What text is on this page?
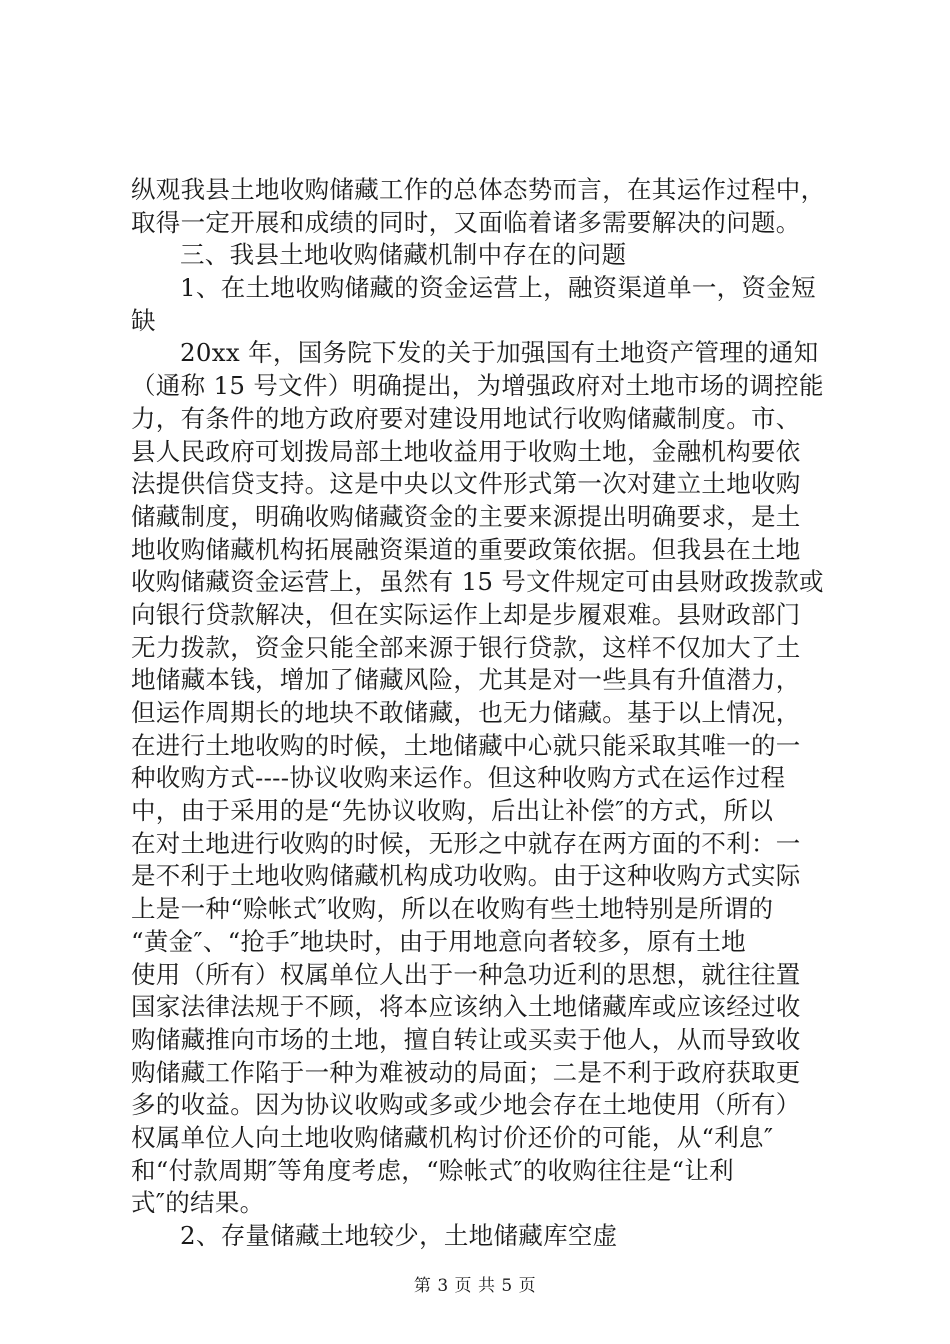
纵观我县土地收购储藏工作的总体态势而言，在其运作过程中，
取得一定开展和成绩的同时，又面临着诸多需要解决的问题。
三、我县土地收购储藏机制中存在的问题
1、在土地收购储藏的资金运营上，融资渠道单一，资金短
缺
20xx 年，国务院下发的关于加强国有土地资产管理的通知
（通称 15 号文件）明确提出，为增强政府对土地市场的调控能
力，有条件的地方政府要对建设用地试行收购储藏制度。市、
县人民政府可划拨局部土地收益用于收购土地，金融机构要依
法提供信贷支持。这是中央以文件形式第一次对建立土地收购
储藏制度，明确收购储藏资金的主要来源提出明确要求，是土
地收购储藏机构拓展融资渠道的重要政策依据。但我县在土地
收购储藏资金运营上，虽然有 15 号文件规定可由县财政拨款或
向银行贷款解决，但在实际运作上却是步履艰难。县财政部门
无力拨款，资金只能全部来源于银行贷款，这样不仅加大了土
地储藏本钱，增加了储藏风险，尤其是对一些具有升值潜力，
但运作周期长的地块不敢储藏，也无力储藏。基于以上情况，
在进行土地收购的时候，土地储藏中心就只能采取其唯一的一
种收购方式----协议收购来运作。但这种收购方式在运作过程
中，由于采用的是“先协议收购，后出让补偿″的方式，所以
在对土地进行收购的时候，无形之中就存在两方面的不利：一
是不利于土地收购储藏机构成功收购。由于这种收购方式实际
上是一种“赊帐式″收购，所以在收购有些土地特别是所谓的
“黄金″、“抢手″地块时，由于用地意向者较多，原有土地
使用（所有）权属单位人出于一种急功近利的思想，就往往置
国家法律法规于不顾，将本应该纳入土地储藏库或应该经过收
购储藏推向市场的土地，擅自转让或买卖于他人，从而导致收
购储藏工作陷于一种为难被动的局面；二是不利于政府获取更
多的收益。因为协议收购或多或少地会存在土地使用（所有）
权属单位人向土地收购储藏机构讨价还价的可能，从“利息″
和“付款周期″等角度考虑，“赊帐式″的收购往往是“让利
式″的结果。
2、存量储藏土地较少，土地储藏库空虚
第 3 页 共 5 页
